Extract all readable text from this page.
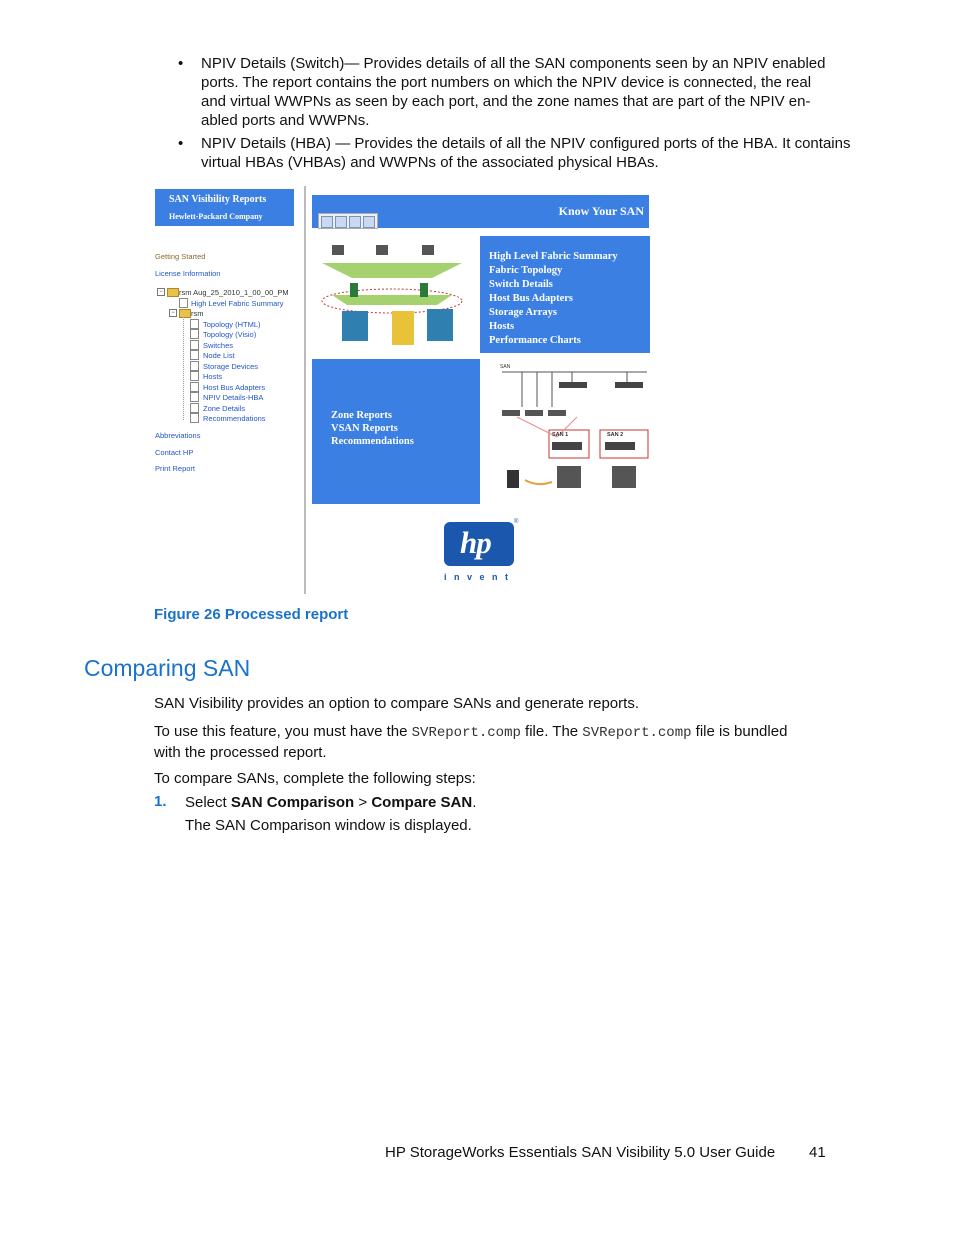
• NPIV Details (Switch)— Provides details of all the SAN components seen by an NPIV enabled
ports. The report contains the port numbers on which the NPIV device is connected, the real
and virtual WWPNs as seen by each port, and the zone names that are part of the NPIV en-
abled ports and WWPNs.
• NPIV Details (HBA) — Provides the details of all the NPIV configured ports of the HBA. It contains
virtual HBAs (VHBAs) and WWPNs of the associated physical HBAs.
SAN Visibility Reports
Hewlett-Packard Company
Getting Started
License Information
−	rsm Aug_25_2010_1_00_00_PM
High Level Fabric Summary
−	rsm
Topology (HTML)
Topology (Visio)
Switches
Node List
Storage Devices
Hosts
Host Bus Adapters
NPIV Details-HBA
Zone Details
Recommendations
Abbreviations
Contact HP
Print Report
Know Your SAN
High Level Fabric Summary
Fabric Topology
Switch Details
Host Bus Adapters
Storage Arrays
Hosts
Performance Charts
Zone Reports
VSAN Reports
Recommendations
SAN
SAN 1	SAN 2
hp
®
invent
Figure 26 Processed report
Comparing SAN
SAN Visibility provides an option to compare SANs and generate reports.
To use this feature, you must have the SVReport.comp file. The SVReport.comp file is bundled
with the processed report.
To compare SANs, complete the following steps:
1. Select SAN Comparison > Compare SAN.
The SAN Comparison window is displayed.
HP StorageWorks Essentials SAN Visibility 5.0 User Guide 41
